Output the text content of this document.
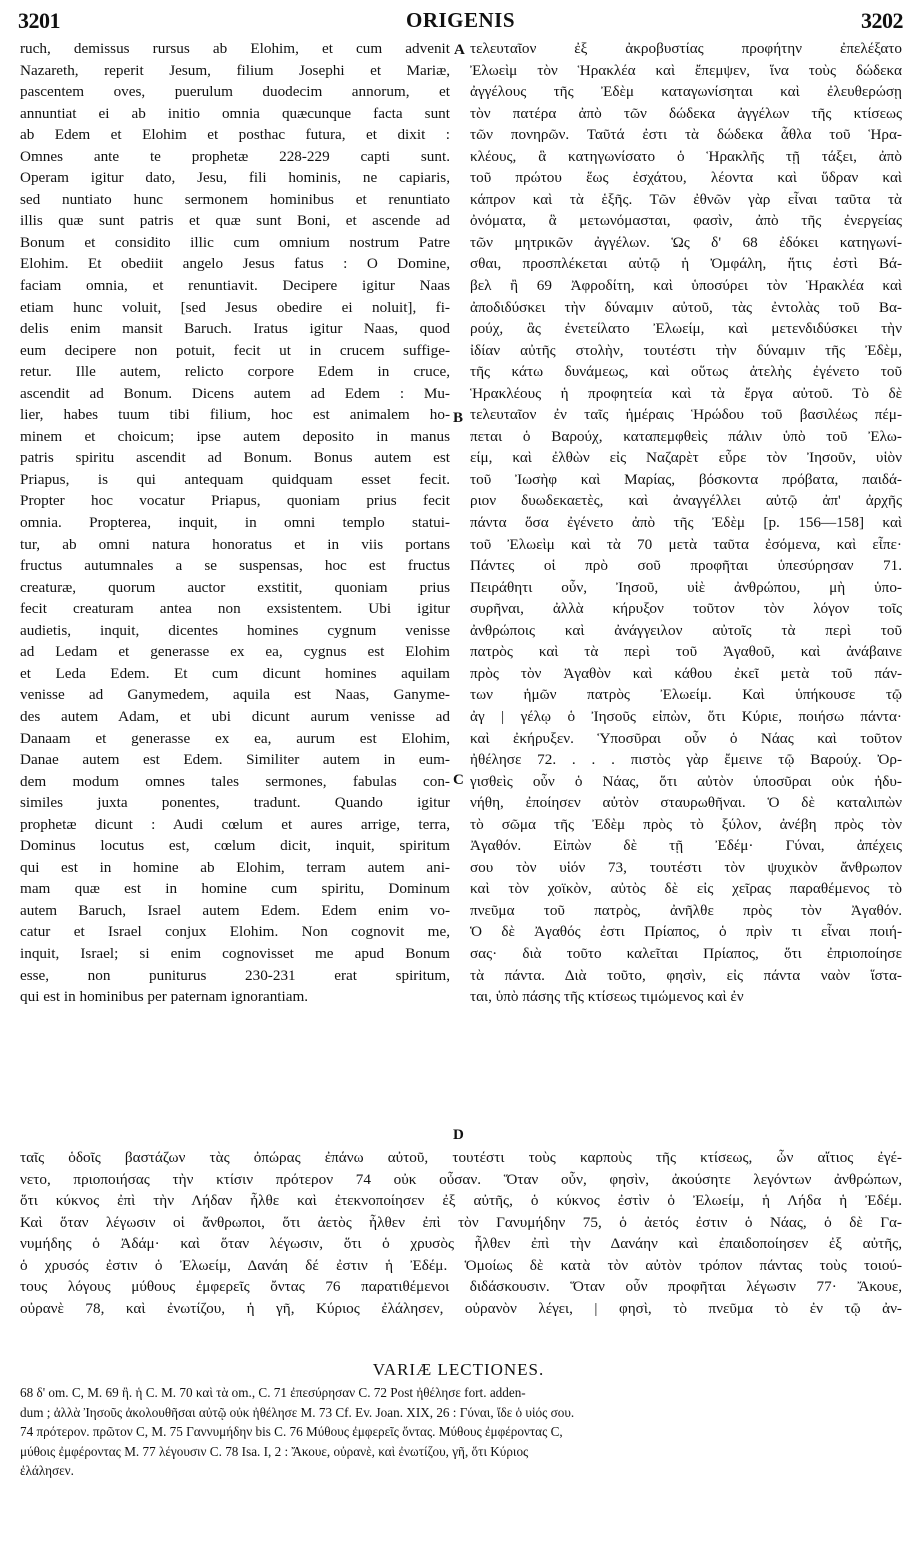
3201	ORIGENIS	3202
ruch, demissus rursus ab Elohim, et cum advenit
Nazareth, reperit Jesum, filium Josephi et Mariæ,
pascentem oves, puerulum duodecim annorum, et
annuntiat ei ab initio omnia quæcunque facta sunt
ab Edem et Elohim et posthac futura, et dixit :
Omnes ante te prophetæ 228-229 capti sunt.
Operam igitur dato, Jesu, fili hominis, ne capiaris,
sed nuntiato hunc sermonem hominibus et renuntiato
illis quæ sunt patris et quæ sunt Boni, et ascende ad
Bonum et considito illic cum omnium nostrum Patre
Elohim. Et obediit angelo Jesus fatus : O Domine,
faciam omnia, et renuntiavit. Decipere igitur Naas
etiam hunc voluit, [sed Jesus obedire ei noluit], fi-
delis enim mansit Baruch. Iratus igitur Naas, quod
eum decipere non potuit, fecit ut in crucem suffige-
retur. Ille autem, relicto corpore Edem in cruce,
ascendit ad Bonum. Dicens autem ad Edem : Mu-
lier, habes tuum tibi filium, hoc est animalem ho-
minem et choicum; ipse autem deposito in manus
patris spiritu ascendit ad Bonum. Bonus autem est
Priapus, is qui antequam quidquam esset fecit.
Propter hoc vocatur Priapus, quoniam prius fecit
omnia. Propterea, inquit, in omni templo statui-
tur, ab omni natura honoratus et in viis portans
fructus autumnales a se suspensas, hoc est fructus
creaturæ, quorum auctor exstitit, quoniam prius
fecit creaturam antea non exsistentem. Ubi igitur
audietis, inquit, dicentes homines cygnum venisse
ad Ledam et generasse ex ea, cygnus est Elohim
et Leda Edem. Et cum dicunt homines aquilam
venisse ad Ganymedem, aquila est Naas, Ganyme-
des autem Adam, et ubi dicunt aurum venisse ad
Danaam et generasse ex ea, aurum est Elohim,
Danae autem est Edem. Similiter autem in eum-
dem modum omnes tales sermones, fabulas con-
similes juxta ponentes, tradunt. Quando igitur
prophetæ dicunt : Audi cœlum et aures arrige, terra,
Dominus locutus est, cœlum dicit, inquit, spiritum
qui est in homine ab Elohim, terram autem ani-
mam quæ est in homine cum spiritu, Dominum
autem Baruch, Israel autem Edem. Edem enim vo-
catur et Israel conjux Elohim. Non cognovit me,
inquit, Israel; si enim cognovisset me apud Bonum
esse, non puniturus 230-231 erat spiritum,
qui est in hominibus per paternam ignorantiam.
τελευταῖον ἐξ ἀκροβυστίας προφήτην ἐπελέξατο
Ἐλωεὶμ τὸν Ἡρακλέα καὶ ἔπεμψεν, ἵνα τοὺς δώδεκα
ἀγγέλους τῆς Ἐδὲμ καταγωνίσηται καὶ ἐλευθερώσῃ
τὸν πατέρα ἀπὸ τῶν δώδεκα ἀγγέλων τῆς κτίσεως
τῶν πονηρῶν. Ταῦτά ἐστι τὰ δώδεκα ἆθλα τοῦ Ἡρα-
κλέους, ἃ κατηγωνίσατο ὁ Ἡρακλῆς τῇ τάξει, ἀπὸ
τοῦ πρώτου ἕως ἐσχάτου, λέοντα καὶ ὕδραν καὶ
κάπρον καὶ τὰ ἑξῆς. Τῶν ἐθνῶν γὰρ εἶναι ταῦτα τὰ
ὀνόματα, ἃ μετωνόμασται, φασὶν, ἀπὸ τῆς ἐνεργείας
τῶν μητρικῶν ἀγγέλων. Ὡς δ' 68 ἐδόκει κατηγωνί-
σθαι, προσπλέκεται αὐτῷ ἡ Ὀμφάλη, ἥτις ἐστὶ Βά-
βελ ἢ 69 Ἀφροδίτη, καὶ ὑποσύρει τὸν Ἡρακλέα καὶ
ἀποδιδύσκει τὴν δύναμιν αὐτοῦ, τὰς ἐντολὰς τοῦ Βα-
ρούχ, ἃς ἐνετείλατο Ἐλωείμ, καὶ μετενδιδύσκει τὴν
ἰδίαν αὐτῆς στολὴν, τουτέστι τὴν δύναμιν τῆς Ἐδὲμ,
τῆς κάτω δυνάμεως, καὶ οὕτως ἀτελὴς ἐγένετο τοῦ
Ἡρακλέους ἡ προφητεία καὶ τὰ ἔργα αὐτοῦ. Τὸ δὲ
τελευταῖον ἐν ταῖς ἡμέραις Ἡρώδου τοῦ βασιλέως πέμ-
πεται ὁ Βαρούχ, καταπεμφθεὶς πάλιν ὑπὸ τοῦ Ἐλω-
είμ, καὶ ἐλθὼν εἰς Ναζαρὲτ εὗρε τὸν Ἰησοῦν, υἱὸν
τοῦ Ἰωσὴφ καὶ Μαρίας, βόσκοντα πρόβατα, παιδά-
ριον δυωδεκαετὲς, καὶ ἀναγγέλλει αὐτῷ ἀπ' ἀρχῆς
πάντα ὅσα ἐγένετο ἀπὸ τῆς Ἐδὲμ [p. 156—158] καὶ
τοῦ Ἐλωεὶμ καὶ τὰ 70 μετὰ ταῦτα ἐσόμενα, καὶ εἶπε·
Πάντες οἱ πρὸ σοῦ προφῆται ὑπεσύρησαν 71.
Πειράθητι οὖν, Ἰησοῦ, υἱὲ ἀνθρώπου, μὴ ὑπο-
συρῆναι, ἀλλὰ κήρυξον τοῦτον τὸν λόγον τοῖς
ἀνθρώποις καὶ ἀνάγγειλον αὐτοῖς τὰ περὶ τοῦ
πατρὸς καὶ τὰ περὶ τοῦ Ἀγαθοῦ, καὶ ἀνάβαινε
πρὸς τὸν Ἀγαθὸν καὶ κάθου ἐκεῖ μετὰ τοῦ πάν-
των ἡμῶν πατρὸς Ἐλωείμ. Καὶ ὑπήκουσε τῷ
ἀγ | γέλῳ ὁ Ἰησοῦς εἰπὼν, ὅτι Κύριε, ποιήσω πάντα·
καὶ ἐκήρυξεν. Ὑποσῦραι οὖν ὁ Νάας καὶ τοῦτον
ἠθέλησε 72. . . . πιστὸς γὰρ ἔμεινε τῷ Βαρούχ. Ὀρ-
γισθεὶς οὖν ὁ Νάας, ὅτι αὐτὸν ὑποσῦραι οὐκ ἠδυ-
νήθη, ἐποίησεν αὐτὸν σταυρωθῆναι. Ὁ δὲ καταλιπὼν
τὸ σῶμα τῆς Ἐδὲμ πρὸς τὸ ξύλον, ἀνέβη πρὸς τὸν
Ἀγαθόν. Εἰπὼν δὲ τῇ Ἐδέμ· Γύναι, ἀπέχεις
σου τὸν υἱόν 73, τουτέστι τὸν ψυχικὸν ἄνθρωπον
καὶ τὸν χοϊκὸν, αὐτὸς δὲ εἰς χεῖρας παραθέμενος τὸ
πνεῦμα τοῦ πατρὸς, ἀνῆλθε πρὸς τὸν Ἀγαθόν.
Ὁ δὲ Ἀγαθός ἐστι Πρίαπος, ὁ πρὶν τι εἶναι ποιή-
σας· διὰ τοῦτο καλεῖται Πρίαπος, ὅτι ἐπριοποίησε
τὰ πάντα. Διὰ τοῦτο, φησὶν, εἰς πάντα ναὸν ἵστα-
ται, ὑπὸ πάσης τῆς κτίσεως τιμώμενος καὶ ἐν
A
B
C
D
ταῖς ὁδοῖς βαστάζων τὰς ὀπώρας ἐπάνω αὐτοῦ, τουτέστι τοὺς καρποὺς τῆς κτίσεως, ὧν αἴτιος ἐγέ-
νετο, πριοποιήσας τὴν κτίσιν πρότερον 74 οὐκ οὖσαν. Ὅταν οὖν, φησὶν, ἀκούσητε λεγόντων ἀνθρώπων,
ὅτι κύκνος ἐπὶ τὴν Λήδαν ἦλθε καὶ ἐτεκνοποίησεν ἐξ αὐτῆς, ὁ κύκνος ἐστὶν ὁ Ἐλωείμ, ἡ Λήδα ἡ Ἐδέμ.
Καὶ ὅταν λέγωσιν οἱ ἄνθρωποι, ὅτι ἀετὸς ἦλθεν ἐπὶ τὸν Γανυμήδην 75, ὁ ἀετός ἐστιν ὁ Νάας, ὁ δὲ Γα-
νυμήδης ὁ Ἀδάμ· καὶ ὅταν λέγωσιν, ὅτι ὁ χρυσὸς ἦλθεν ἐπὶ τὴν Δανάην καὶ ἐπαιδοποίησεν ἐξ αὐτῆς,
ὁ χρυσός ἐστιν ὁ Ἐλωείμ, Δανάη δέ ἐστιν ἡ Ἐδέμ. Ὁμοίως δὲ κατὰ τὸν αὐτὸν τρόπον πάντας τοὺς τοιού-
τους λόγους μύθους ἐμφερεῖς ὄντας 76 παρατιθέμενοι διδάσκουσιν. Ὅταν οὖν προφῆται λέγωσιν 77· Ἄκουε,
οὐρανὲ 78, καὶ ἐνωτίζου, ἡ γῆ, Κύριος ἐλάλησεν, οὐρανὸν λέγει, | φησὶ, τὸ πνεῦμα τὸ ἐν τῷ ἀν-
VARIÆ LECTIONES.
68 δ' om. C, M. 69 ἢ. ἡ C. M. 70 καὶ τὰ om., C. 71 ἐπεσύρησαν C. 72 Post ἠθέλησε fort. adden-
dum ; ἀλλὰ Ἰησοῦς ἀκολουθῆσαι αὐτῷ οὐκ ἠθέλησε M. 73 Cf. Ev. Joan. XIX, 26 : Γύναι, ἴδε ὁ υἱός σου.
74 πρότερον. πρῶτον C, M. 75 Γαννυμήδην bis C. 76 Μύθους ἐμφερεῖς ὄντας. Μύθους ἐμφέροντας C,
μύθοις ἐμφέροντας M. 77 λέγουσιν C. 78 Isa. I, 2 : Ἄκουε, οὐρανὲ, καὶ ἐνωτίζου, γῆ, ὅτι Κύριος
ἐλάλησεν.
